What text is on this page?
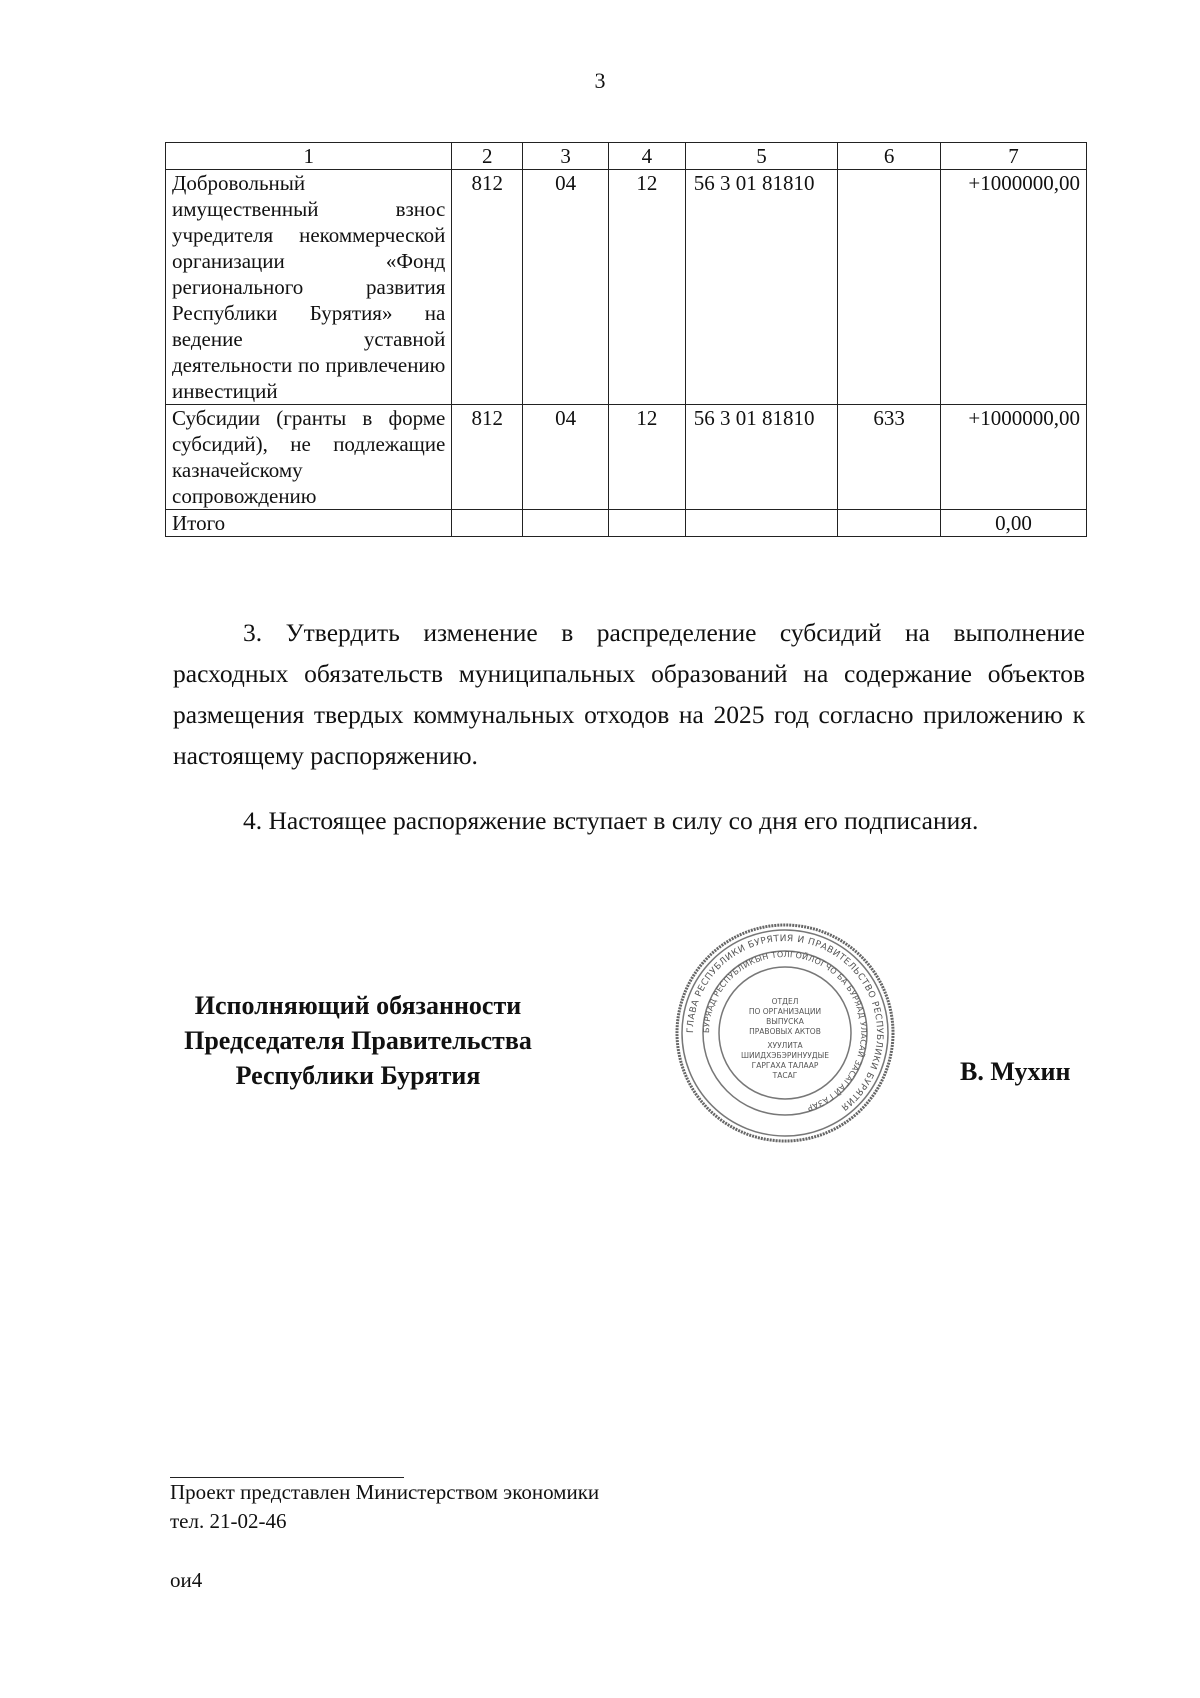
3
1	2	3	4	5	6	7
Добровольный имущественный взнос учредителя некоммерческой организации «Фонд регионального развития Республики Бурятия» на ведение уставной деятельности по привлечению инвестиций	812	04	12	56 3 01 81810		+1000000,00
Субсидии (гранты в форме субсидий), не подлежащие казначейскому сопровождению	812	04	12	56 3 01 81810	633	+1000000,00
Итого						0,00

3. Утвердить изменение в распределение субсидий на выполнение расходных обязательств муниципальных образований на содержание объектов размещения твердых коммунальных отходов на 2025 год согласно приложению к настоящему распоряжению.

4. Настоящее распоряжение вступает в силу со дня его подписания.

Исполняющий обязанности
Председателя Правительства
Республики Бурятия
ГЛАВА РЕСПУБЛИКИ БУРЯТИЯ И ПРАВИТЕЛЬСТВО РЕСПУБЛИКИ БУРЯТИЯ
БУРЯАД РЕСПУБЛИКЫН ТОЛГОЙЛОГЧО БА БУРЯАД УЛАСАЙ ЗАСАГАЙ ГАЗАР
ОТДЕЛ
ПО ОРГАНИЗАЦИИ
ВЫПУСКА
ПРАВОВЫХ АКТОВ
ХУУЛИТА
ШИИДХЭБЭРИНУУДЫЕ
ГАРГАХА ТАЛААР
ТАСАГ	В. Мухин
Проект представлен Министерством экономики
тел. 21-02-46
ои4
